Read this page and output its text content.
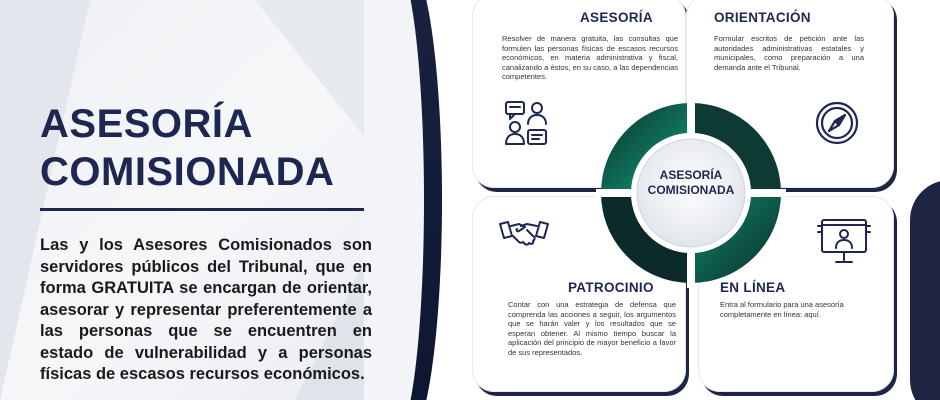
ASESORÍA
COMISIONADA
Las y los Asesores Comisionados son servidores públicos del Tribunal, que en forma GRATUITA se encargan de orientar, asesorar y representar preferentemente a las personas que se encuentren en estado de vulnerabilidad y a personas físicas de escasos recursos económicos.
ASESORÍA
Resolver de manera gratuita, las consultas que formulen las personas físicas de escasos recursos económicos, en materia administrativa y fiscal, canalizando a éstos, en su caso, a las dependencias competentes.
ORIENTACIÓN
Formular escritos de petición ante las autoridades administrativas estatales y municipales, como preparación a una demanda ante el Tribunal.
PATROCINIO
Contar con una estrategia de defensa que comprenda las acciones a seguir, los argumentos que se harán valer y los resultados que se esperan obtener. Al mismo tiempo buscar la aplicación del principio de mayor beneficio a favor de sus representados.
EN LÍNEA
Entra al formulario para una asesoría completamente en línea: aquí.
ASESORÍA
COMISIONADA
